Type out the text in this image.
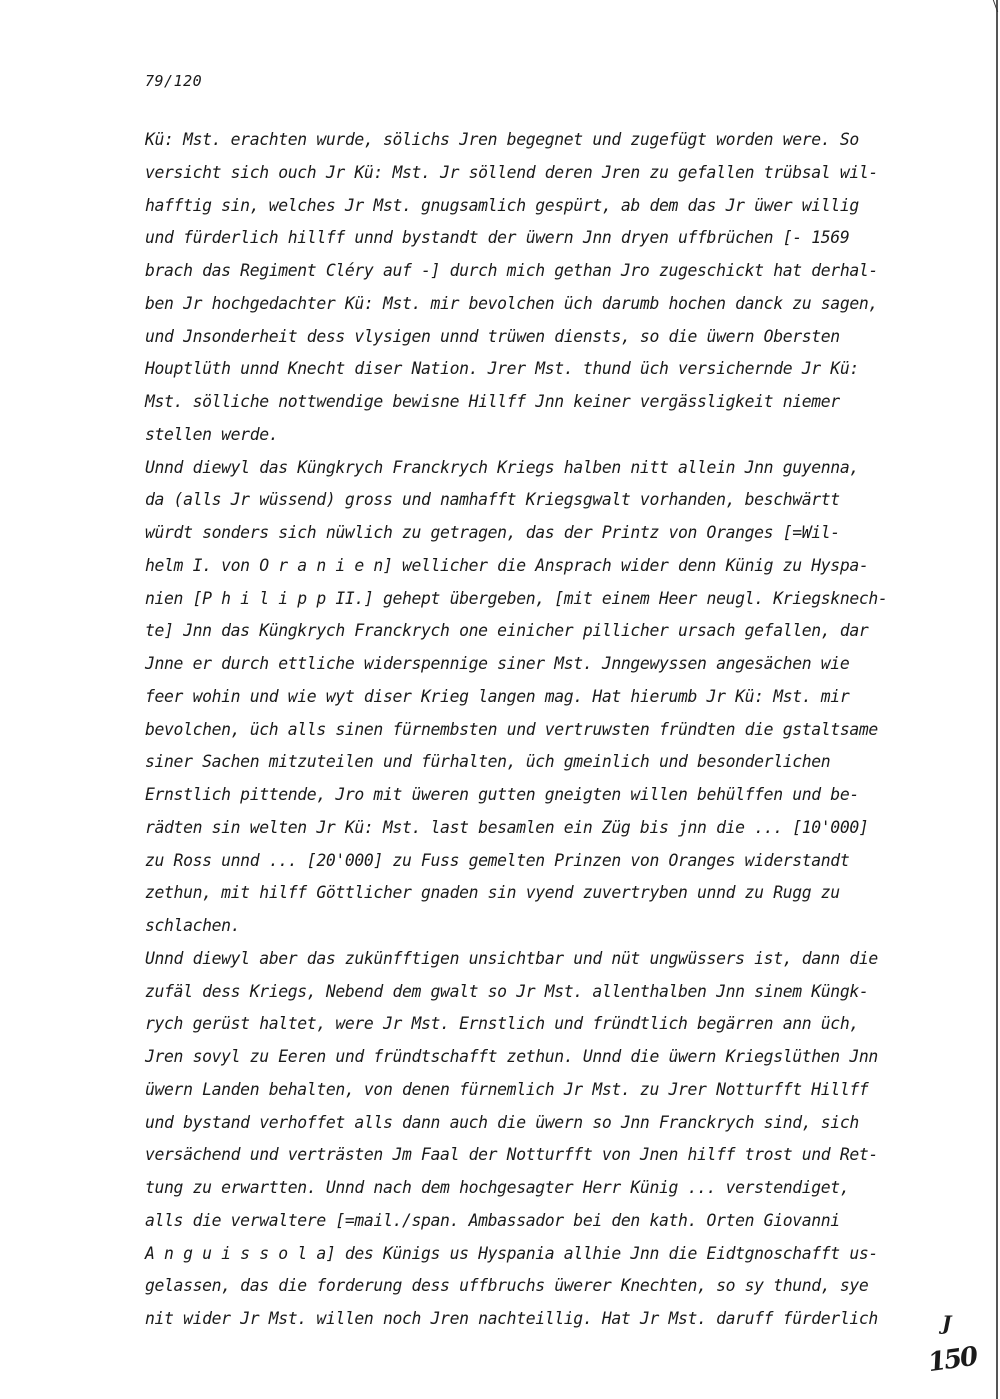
79/120
Kü: Mst. erachten wurde, sölichs Jren begegnet und zugefügt worden were. So
versicht sich ouch Jr Kü: Mst. Jr söllend deren Jren zu gefallen trübsal wil-
hafftig sin, welches Jr Mst. gnugsamlich gespürt, ab dem das Jr üwer willig
und fürderlich hillff unnd bystandt der üwern Jnn dryen uffbrüchen [- 1569
brach das Regiment Cléry auf -] durch mich gethan Jro zugeschickt hat derhal-
ben Jr hochgedachter Kü: Mst. mir bevolchen üch darumb hochen danck zu sagen,
und Jnsonderheit dess vlysigen unnd trüwen diensts, so die üwern Obersten
Houptlüth unnd Knecht diser Nation. Jrer Mst. thund üch versichernde Jr Kü:
Mst. sölliche nottwendige bewisne Hillff Jnn keiner vergässligkeit niemer
stellen werde.
Unnd diewyl das Küngkrych Franckrych Kriegs halben nitt allein Jnn guyenna,
da (alls Jr wüssend) gross und namhafft Kriegsgwalt vorhanden, beschwärtt
würdt sonders sich nüwlich zu getragen, das der Printz von Oranges [=Wil-
helm I. von O r a n i e n] wellicher die Ansprach wider denn Künig zu Hyspa-
nien [P h i l i p p II.] gehept übergeben, [mit einem Heer neugl. Kriegsknech-
te] Jnn das Küngkrych Franckrych one einicher pillicher ursach gefallen, dar
Jnne er durch ettliche widerspennige siner Mst. Jnngewyssen angesächen wie
feer wohin und wie wyt diser Krieg langen mag. Hat hierumb Jr Kü: Mst. mir
bevolchen, üch alls sinen fürnembsten und vertruwsten fründten die gstaltsame
siner Sachen mitzuteilen und fürhalten, üch gmeinlich und besonderlichen
Ernstlich pittende, Jro mit üweren gutten gneigten willen behülffen und be-
rädten sin welten Jr Kü: Mst. last besamlen ein Züg bis jnn die ... [10'000]
zu Ross unnd ... [20'000] zu Fuss gemelten Prinzen von Oranges widerstandt
zethun, mit hilff Göttlicher gnaden sin vyend zuvertryben unnd zu Rugg zu
schlachen.
Unnd diewyl aber das zukünfftigen unsichtbar und nüt ungwüssers ist, dann die
zufäl dess Kriegs, Nebend dem gwalt so Jr Mst. allenthalben Jnn sinem Küngk-
rych gerüst haltet, were Jr Mst. Ernstlich und fründtlich begärren ann üch,
Jren sovyl zu Eeren und fründtschafft zethun. Unnd die üwern Kriegslüthen Jnn
üwern Landen behalten, von denen fürnemlich Jr Mst. zu Jrer Notturfft Hillff
und bystand verhoffet alls dann auch die üwern so Jnn Franckrych sind, sich
versächend und verträsten Jm Faal der Notturfft von Jnen hilff trost und Ret-
tung zu erwartten. Unnd nach dem hochgesagter Herr Künig ... verstendiget,
alls die verwaltere [=mail./span. Ambassador bei den kath. Orten Giovanni
A n g u i s s o l a] des Künigs us Hyspania allhie Jnn die Eidtgnoschafft us-
gelassen, das die forderung dess uffbruchs üwerer Knechten, so sy thund, sye
nit wider Jr Mst. willen noch Jren nachteillig. Hat Jr Mst. daruff fürderlich	J
150
